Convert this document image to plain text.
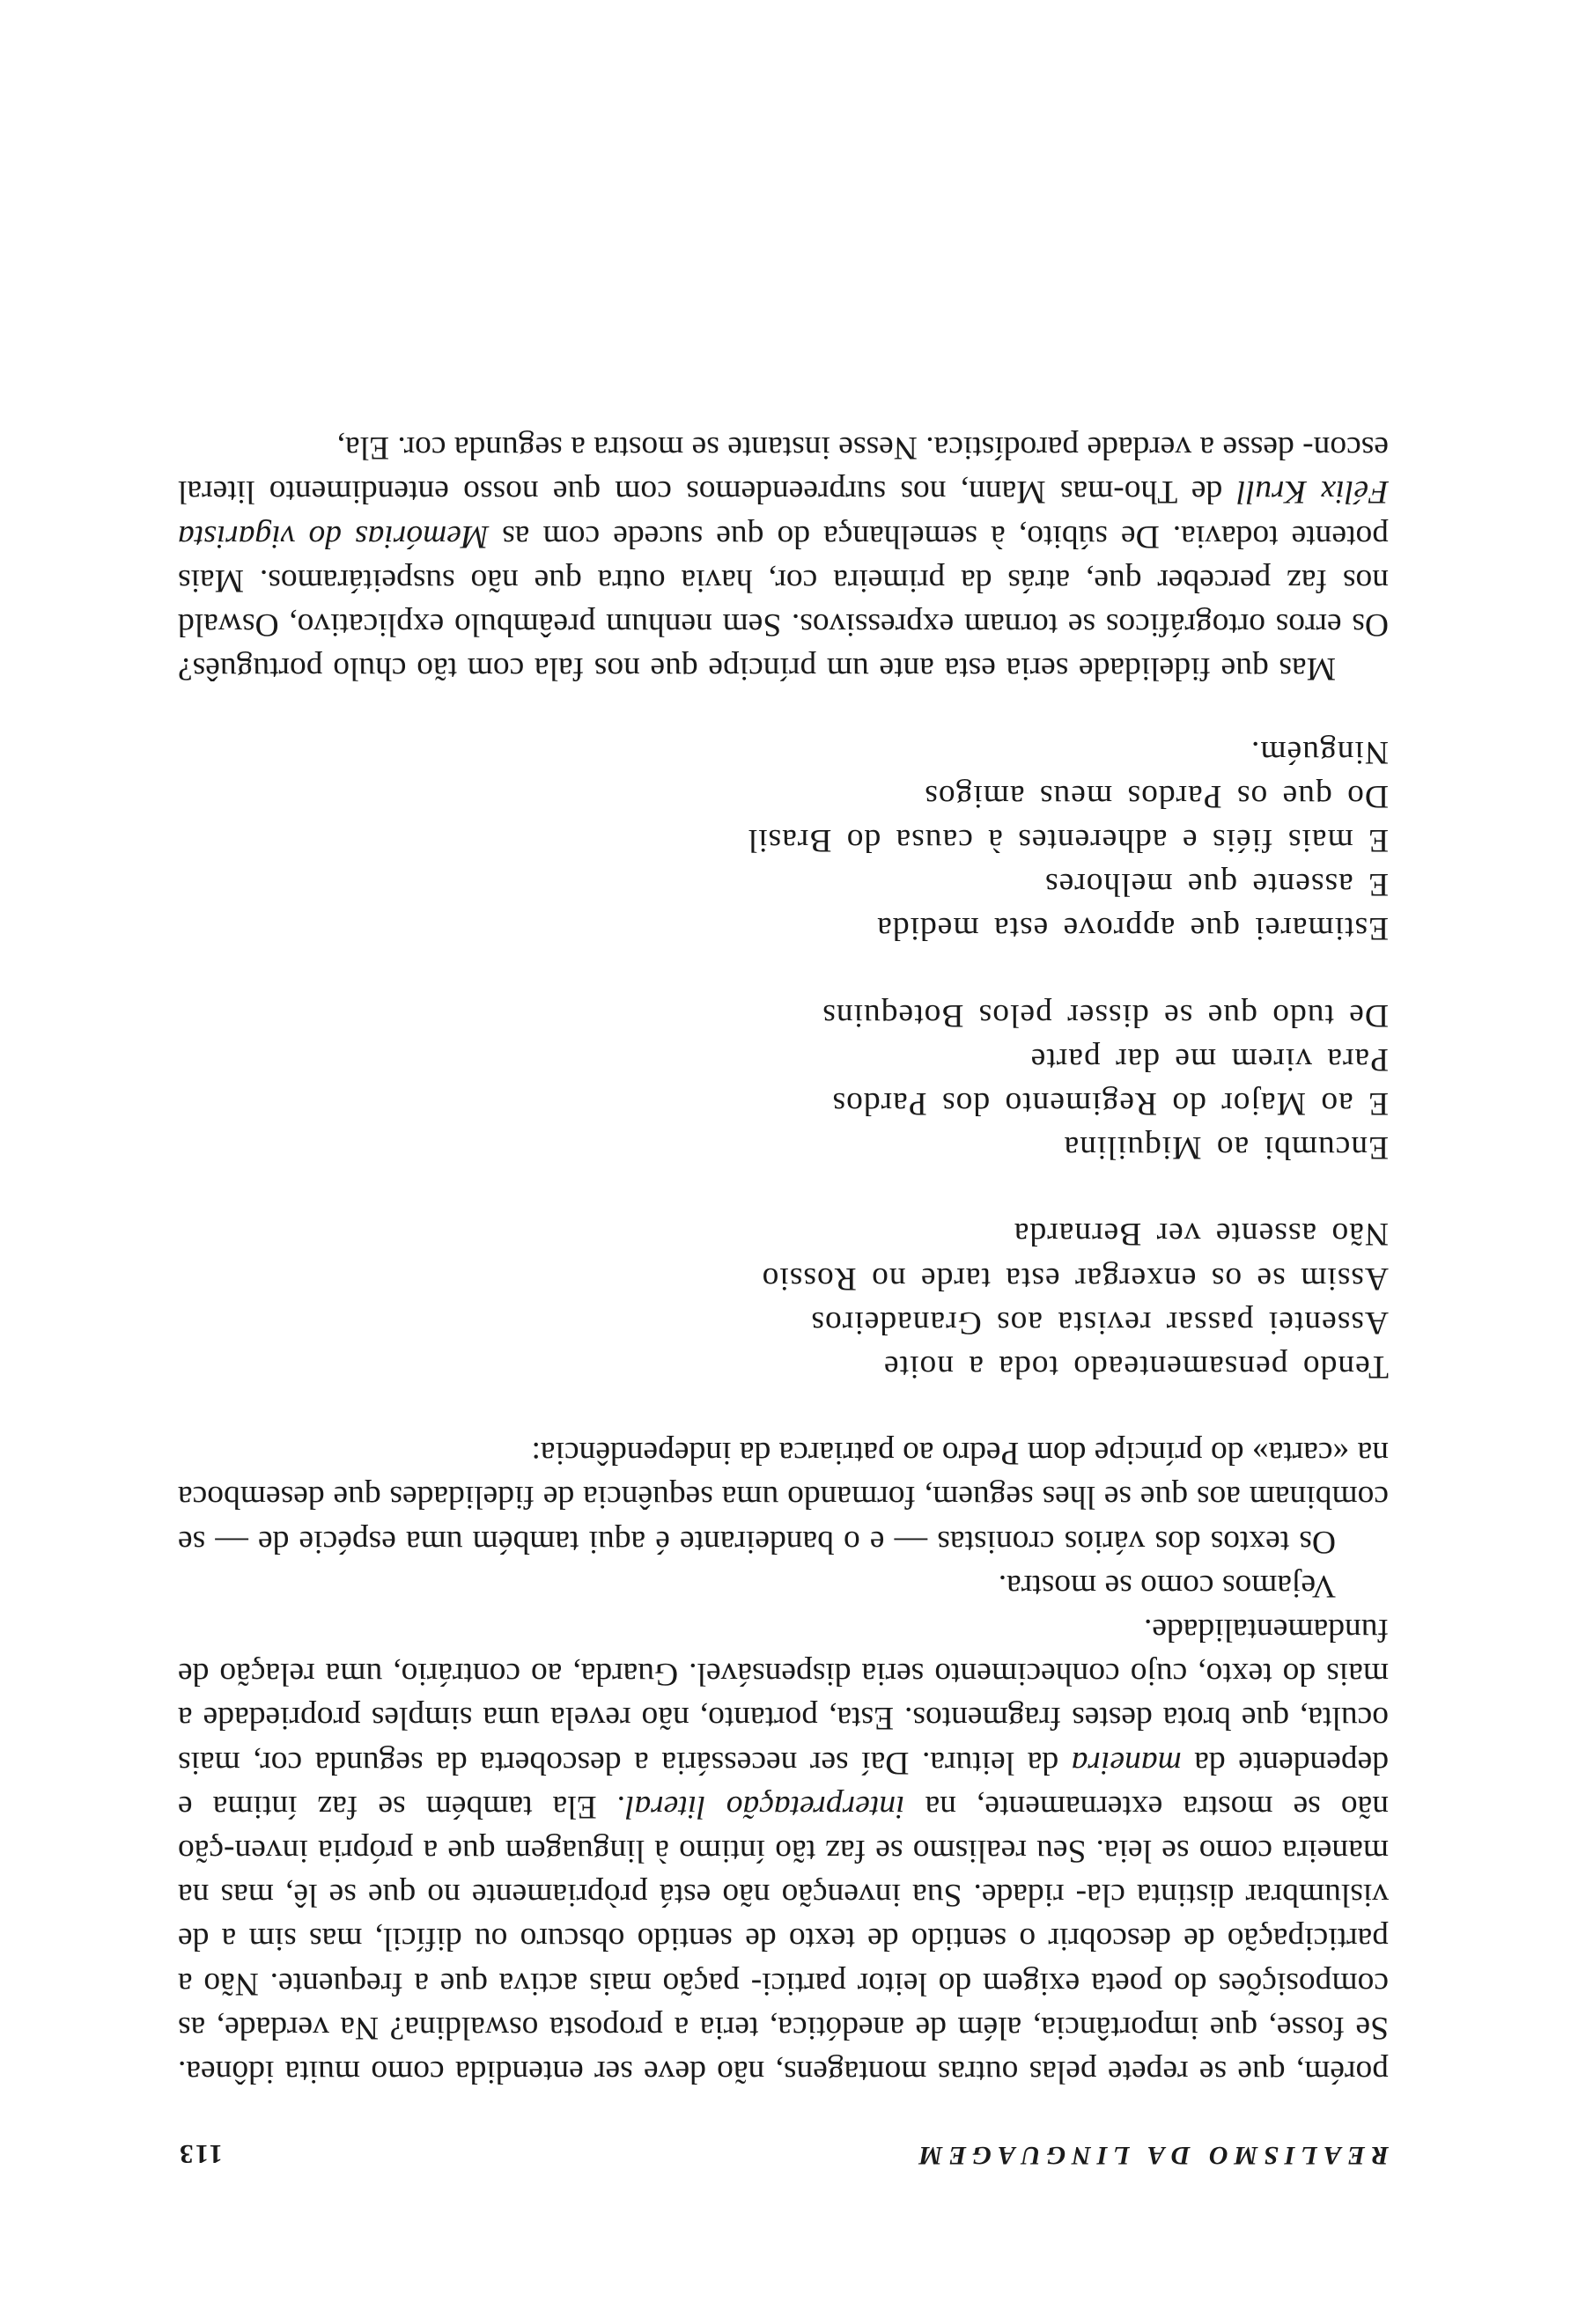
REALISMO DA LINGUAGEM
113

porém, que se repete pelas outras montagens, não deve ser entendida como muita idônea. Se fosse, que importância, além de anedótica, teria a proposta oswaldina? Na verdade, as composições do poeta exigem do leitor partici- pação mais activa que a frequente. Não a participação de descobrir o sentido de texto de sentido obscuro ou difícil, mas sim a de vislumbrar distinta cla- ridade. Sua invenção não está pròpriamente no que se lê, mas na maneira como se leia. Seu realismo se faz tão íntimo à linguagem que a própria inven-ção não se mostra externamente, na interpretação literal. Ela também se faz íntima e dependente da maneira da leitura. Daí ser necessária a descoberta da segunda cor, mais oculta, que brota destes fragmentos. Esta, portanto, não revela uma simples propriedade a mais do texto, cujo conhecimento seria dispensável. Guarda, ao contrário, uma relação de fundamentalidade.

Vejamos como se mostra.

Os textos dos vários cronistas — e o bandeirante é aqui também uma espécie de — se combinam aos que se lhes seguem, formando uma sequência de fidelidades que desemboca na «carta» do príncipe dom Pedro ao patriarca da independência:

Tendo pensamenteado toda a noite
Assentei passar revista aos Granadeiros
Assim se os enxergar esta tarde no Rossio
Não assente ver Bernarda
Encumbi ao Miquilina
E ao Major do Regimento dos Pardos
Para virem me dar parte
De tudo que se disser pelos Botequins
Estimarei que approve esta medida
E assente que melhores
E mais fiéis e adherentes à causa do Brasil
Do que os Pardos meus amigos
Ninguém.

Mas que fidelidade seria esta ante um príncipe que nos fala com tão chulo português? Os erros ortográficos se tornam expressivos. Sem nenhum preâmbulo explicativo, Oswald nos faz perceber que, atrás da primeira cor, havia outra que não suspeitáramos. Mais potente todavia. De súbito, à semelhança do que sucede com as Memórias do vigarista Félix Krull de Tho-mas Mann, nos surpreendemos com que nosso entendimento literal escon- desse a verdade parodística. Nesse instante se mostra a segunda cor. Ela,
